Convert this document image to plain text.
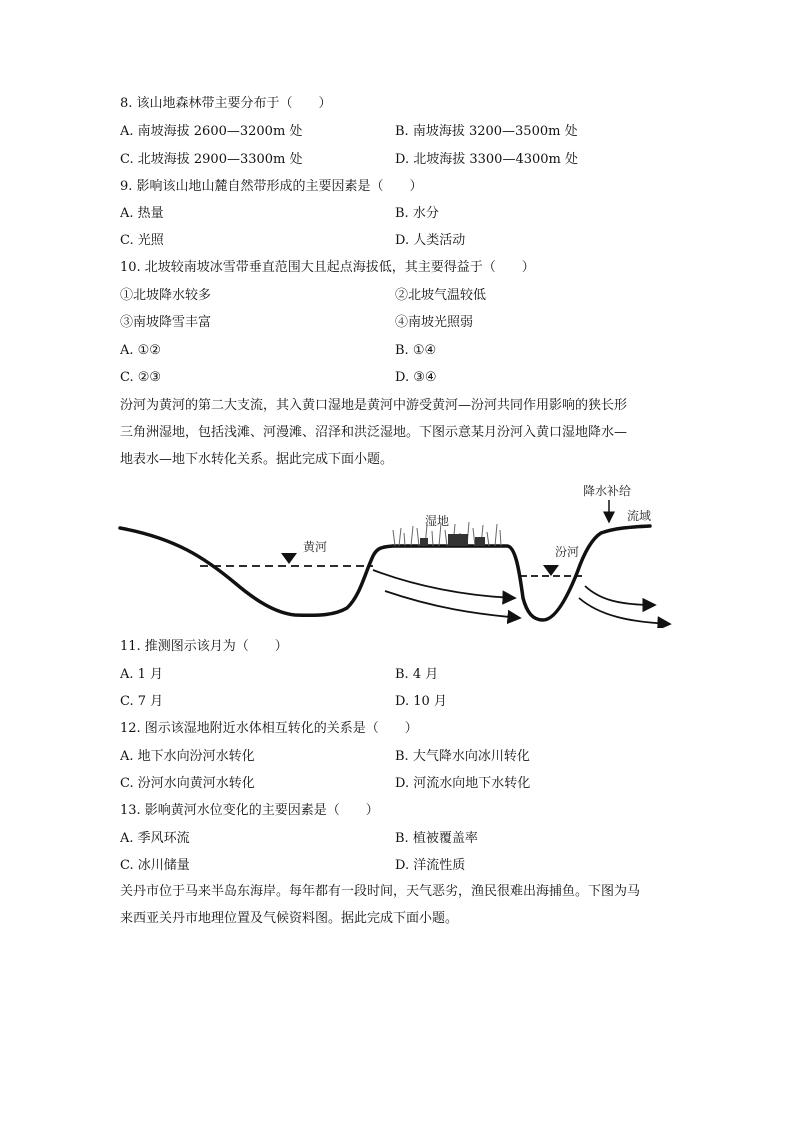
8. 该山地森林带主要分布于（　　）
A. 南坡海拔 2600—3200m 处	B. 南坡海拔 3200—3500m 处
C. 北坡海拔 2900—3300m 处	D. 北坡海拔 3300—4300m 处
9. 影响该山地山麓自然带形成的主要因素是（　　）
A. 热量	B. 水分
C. 光照	D. 人类活动
10. 北坡较南坡冰雪带垂直范围大且起点海拔低，其主要得益于（　　）
①北坡降水较多	②北坡气温较低
③南坡降雪丰富	④南坡光照弱
A. ①②	B. ①④
C. ②③	D. ③④
汾河为黄河的第二大支流，其入黄口湿地是黄河中游受黄河—汾河共同作用影响的狭长形
三角洲湿地，包括浅滩、河漫滩、沼泽和洪泛湿地。下图示意某月汾河入黄口湿地降水—
地表水—地下水转化关系。据此完成下面小题。
黄河	汾河
湿地
降水补给
流域
11. 推测图示该月为（　　）
A. 1 月	B. 4 月
C. 7 月	D. 10 月
12. 图示该湿地附近水体相互转化的关系是（　　）
A. 地下水向汾河水转化	B. 大气降水向冰川转化
C. 汾河水向黄河水转化	D. 河流水向地下水转化
13. 影响黄河水位变化的主要因素是（　　）
A. 季风环流	B. 植被覆盖率
C. 冰川储量	D. 洋流性质
关丹市位于马来半岛东海岸。每年都有一段时间，天气恶劣，渔民很难出海捕鱼。下图为马
来西亚关丹市地理位置及气候资料图。据此完成下面小题。
